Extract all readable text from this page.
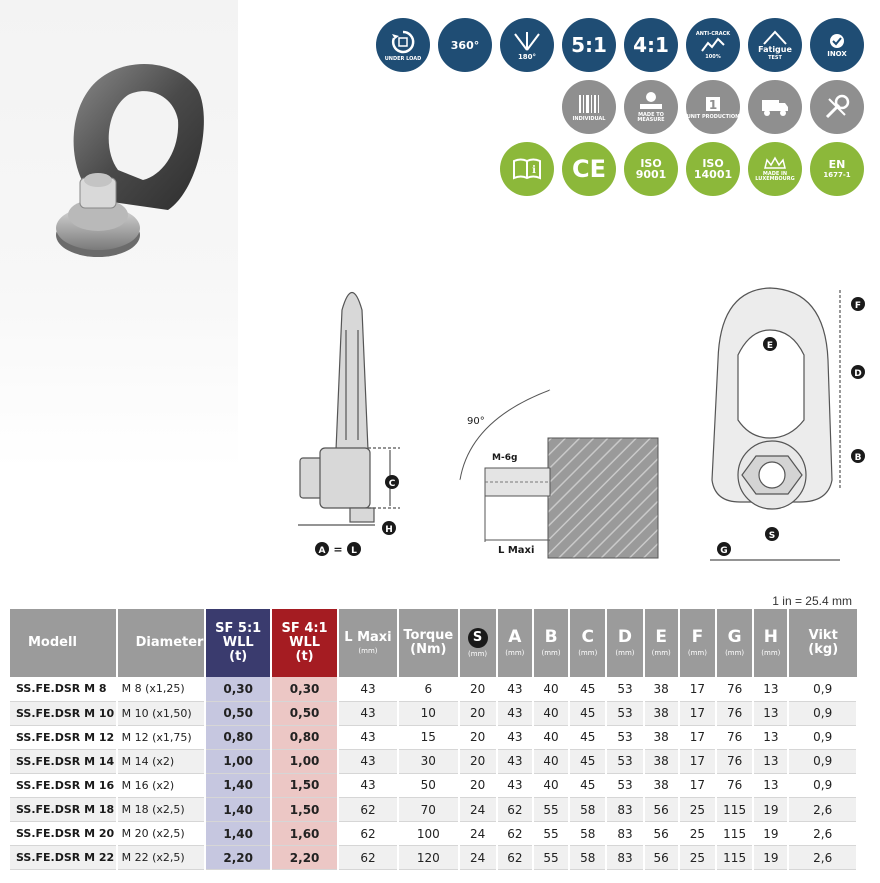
UNDER LOAD
360°
180° 5:1 4:1	ANTI-CRACK
100%
Fatigue
TEST	INOX
INDIVIDUAL
MADE TO MEASURE
1
UNIT PRODUCTION
i CE	ISO
9001
ISO
14001	MADE IN LUXEMBOURG
EN
1677-1
C
H
A = L
90°
M-6g
L Maxi
E
F
D
B
S
G
1 in = 25.4 mm
Modell	Diameter	SF 5:1
WLL
(t)	SF 4:1
WLL
(t)	L Maxi
(mm)	Torque
(Nm)	S
(mm)	A
(mm)	B
(mm)	C
(mm)	D
(mm)	E
(mm)	F
(mm)	G
(mm)	H
(mm)	Vikt
(kg)
SS.FE.DSR M 8	M 8 (x1,25)	0,30	0,30	43	6	20	43	40	45	53	38	17	76	13	0,9
SS.FE.DSR M 10	M 10 (x1,50)	0,50	0,50	43	10	20	43	40	45	53	38	17	76	13	0,9
SS.FE.DSR M 12	M 12 (x1,75)	0,80	0,80	43	15	20	43	40	45	53	38	17	76	13	0,9
SS.FE.DSR M 14	M 14 (x2)	1,00	1,00	43	30	20	43	40	45	53	38	17	76	13	0,9
SS.FE.DSR M 16	M 16 (x2)	1,40	1,50	43	50	20	43	40	45	53	38	17	76	13	0,9
SS.FE.DSR M 18	M 18 (x2,5)	1,40	1,50	62	70	24	62	55	58	83	56	25	115	19	2,6
SS.FE.DSR M 20	M 20 (x2,5)	1,40	1,60	62	100	24	62	55	58	83	56	25	115	19	2,6
SS.FE.DSR M 22	M 22 (x2,5)	2,20	2,20	62	120	24	62	55	58	83	56	25	115	19	2,6
